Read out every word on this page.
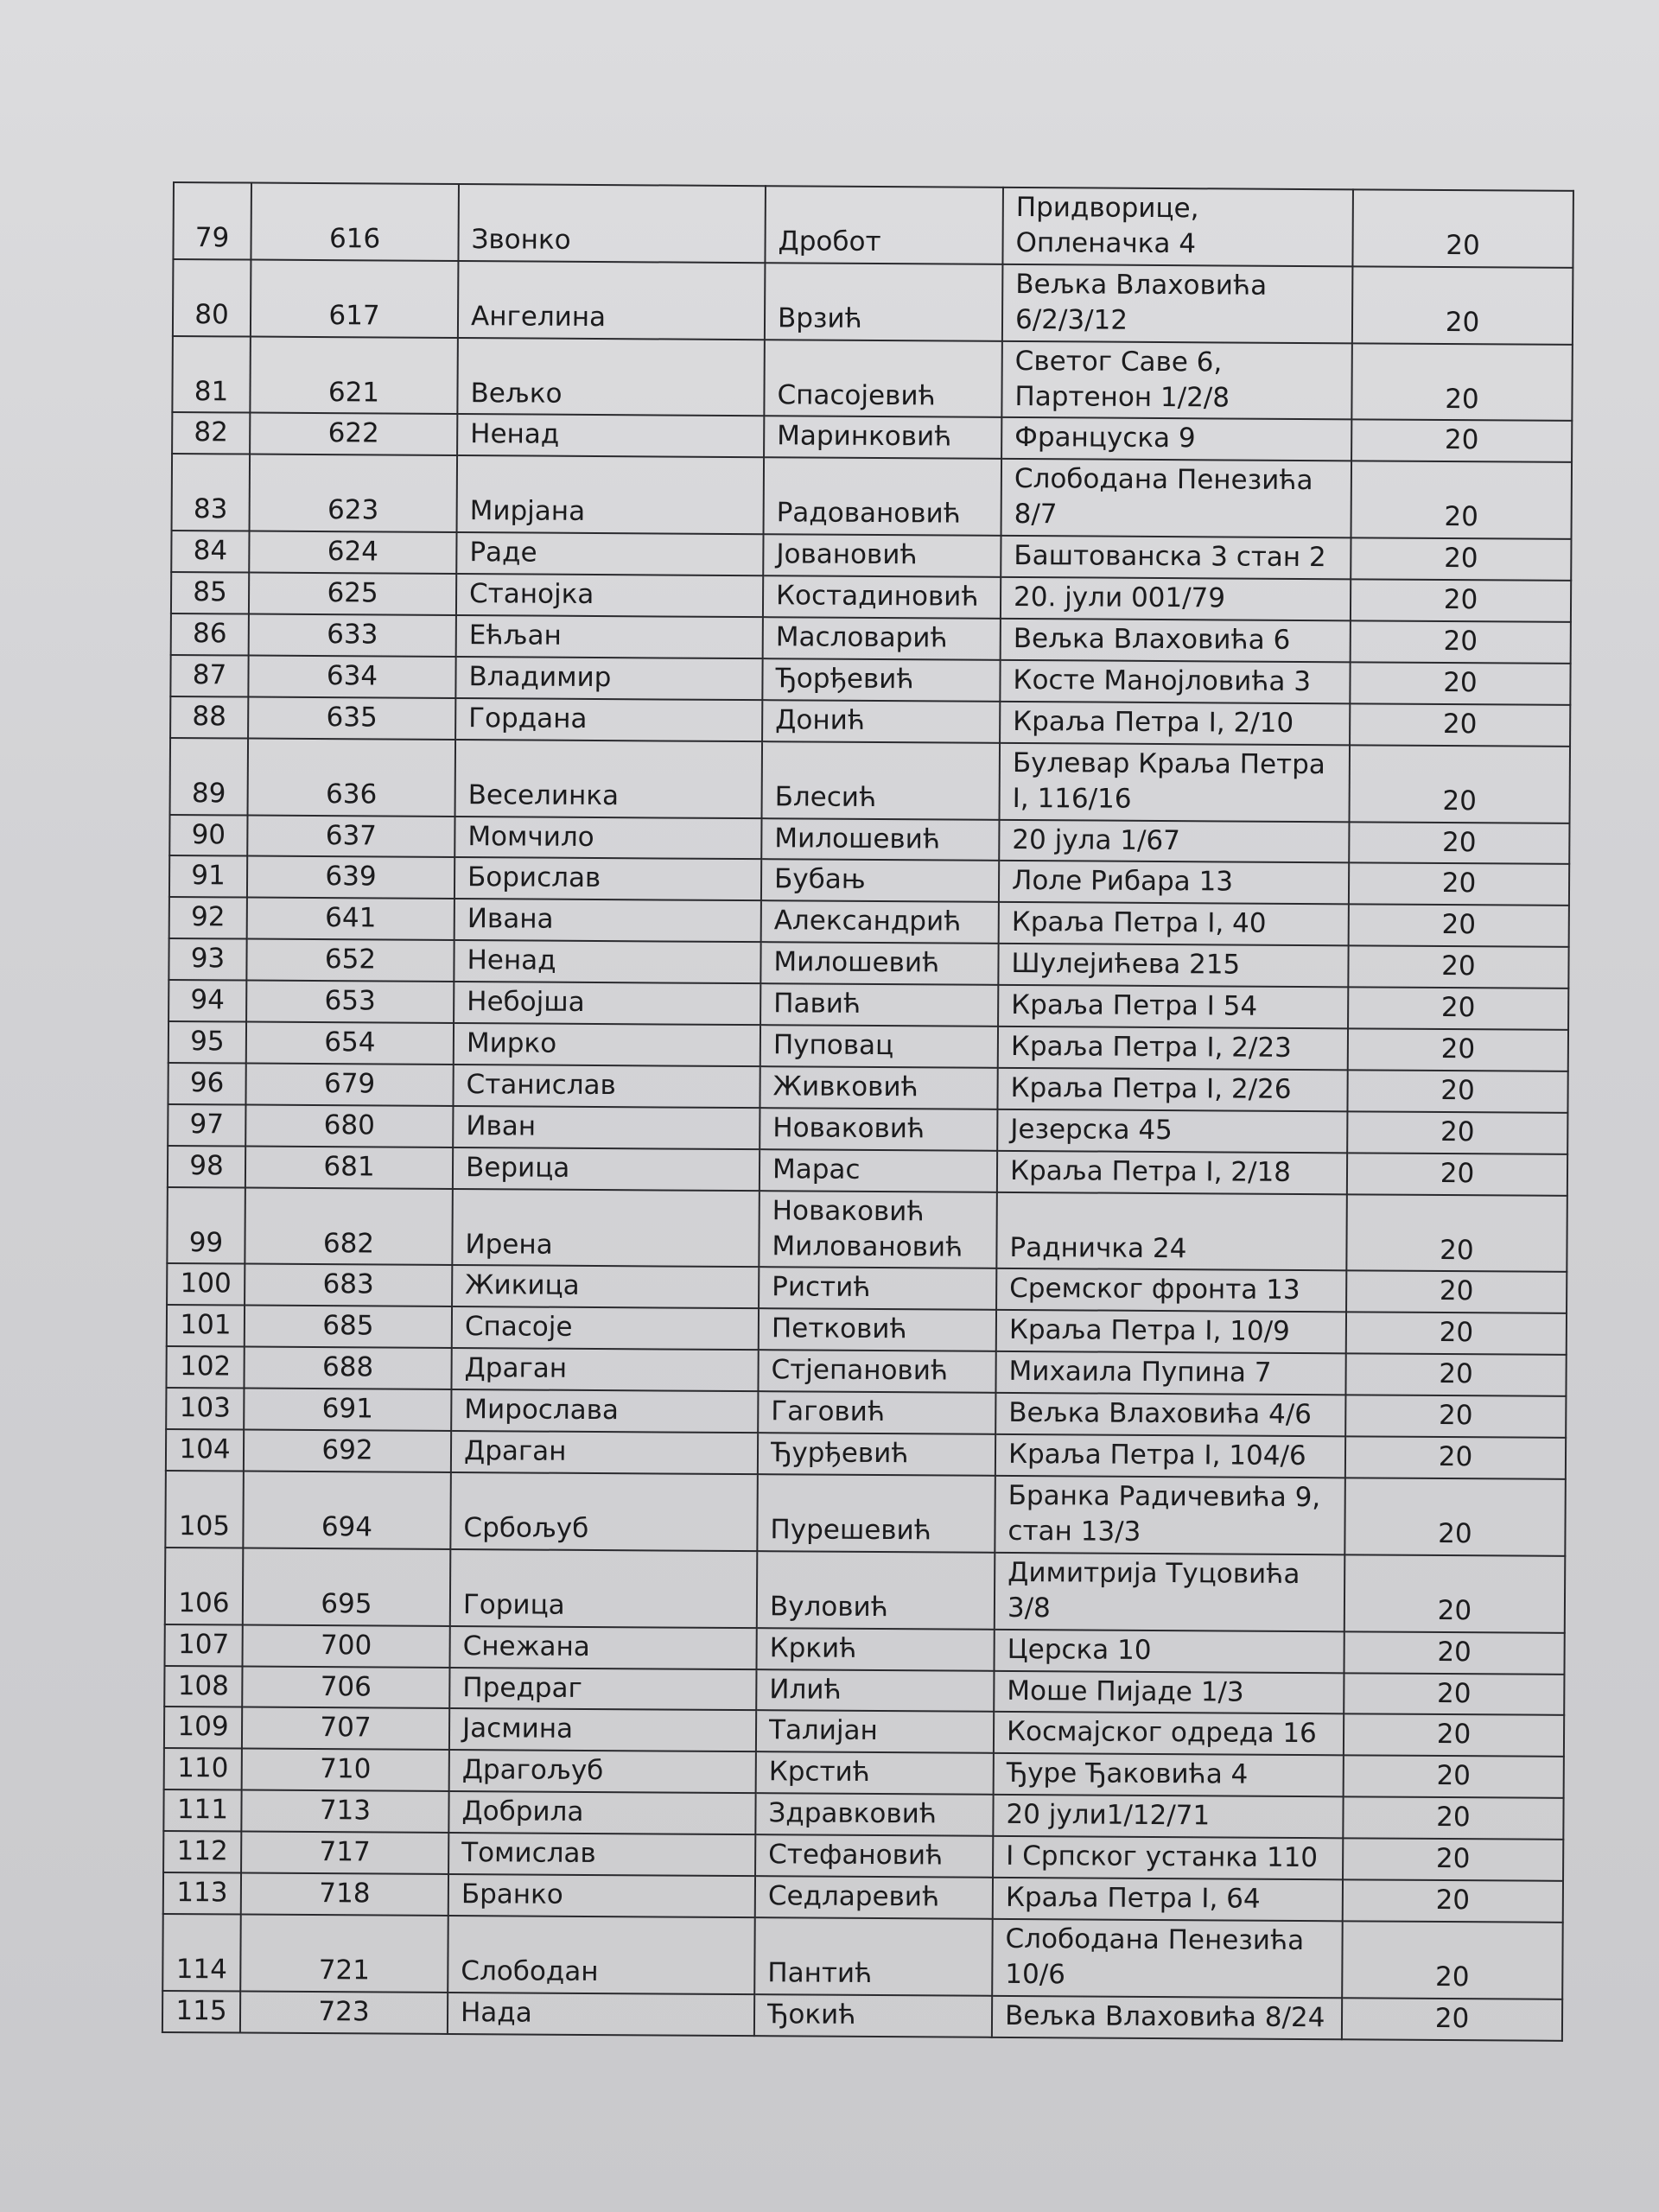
79	616	Звонко	Дробот	Придворице, Опленачка 4	20
80	617	Ангелина	Врзић	Вељка Влаховића 6/2/3/12	20
81	621	Вељко	Спасојевић	Светог Саве 6, Партенон 1/2/8	20
82	622	Ненад	Маринковић	Француска 9	20
83	623	Мирјана	Радовановић	Слободана Пенезића 8/7	20
84	624	Раде	Јовановић	Баштованска 3 стан 2	20
85	625	Станојка	Костадиновић	20. јули 001/79	20
86	633	Ећљан	Масловарић	Вељка Влаховића 6	20
87	634	Владимир	Ђорђевић	Косте Манојловића 3	20
88	635	Гордана	Донић	Краља Петра I, 2/10	20
89	636	Веселинка	Блесић	Булевар Краља Петра I, 116/16	20
90	637	Момчило	Милошевић	20 јула 1/67	20
91	639	Борислав	Бубањ	Лоле Рибара 13	20
92	641	Ивана	Александрић	Краља Петра I, 40	20
93	652	Ненад	Милошевић	Шулејићева 215	20
94	653	Небојша	Павић	Краља Петра I 54	20
95	654	Мирко	Пуповац	Краља Петра I, 2/23	20
96	679	Станислав	Живковић	Краља Петра I, 2/26	20
97	680	Иван	Новаковић	Језерска 45	20
98	681	Верица	Марас	Краља Петра I, 2/18	20
99	682	Ирена	Новаковић Миловановић	Радничка 24	20
100	683	Жикица	Ристић	Сремског фронта 13	20
101	685	Спасоје	Петковић	Краља Петра I, 10/9	20
102	688	Драган	Стјепановић	Михаила Пупина 7	20
103	691	Мирослава	Гаговић	Вељка Влаховића 4/6	20
104	692	Драган	Ђурђевић	Краља Петра I, 104/6	20
105	694	Србољуб	Пурешевић	Бранка Радичевића 9, стан 13/3	20
106	695	Горица	Вуловић	Димитрија Туцовића 3/8	20
107	700	Снежана	Кркић	Церска 10	20
108	706	Предраг	Илић	Моше Пијаде 1/3	20
109	707	Јасмина	Талијан	Космајског одреда 16	20
110	710	Драгољуб	Крстић	Ђуре Ђаковића 4	20
111	713	Добрила	Здравковић	20 јули1/12/71	20
112	717	Томислав	Стефановић	I Српског устанка 110	20
113	718	Бранко	Седларевић	Краља Петра I, 64	20
114	721	Слободан	Пантић	Слободана Пенезића 10/6	20
115	723	Нада	Ђокић	Вељка Влаховића 8/24	20
